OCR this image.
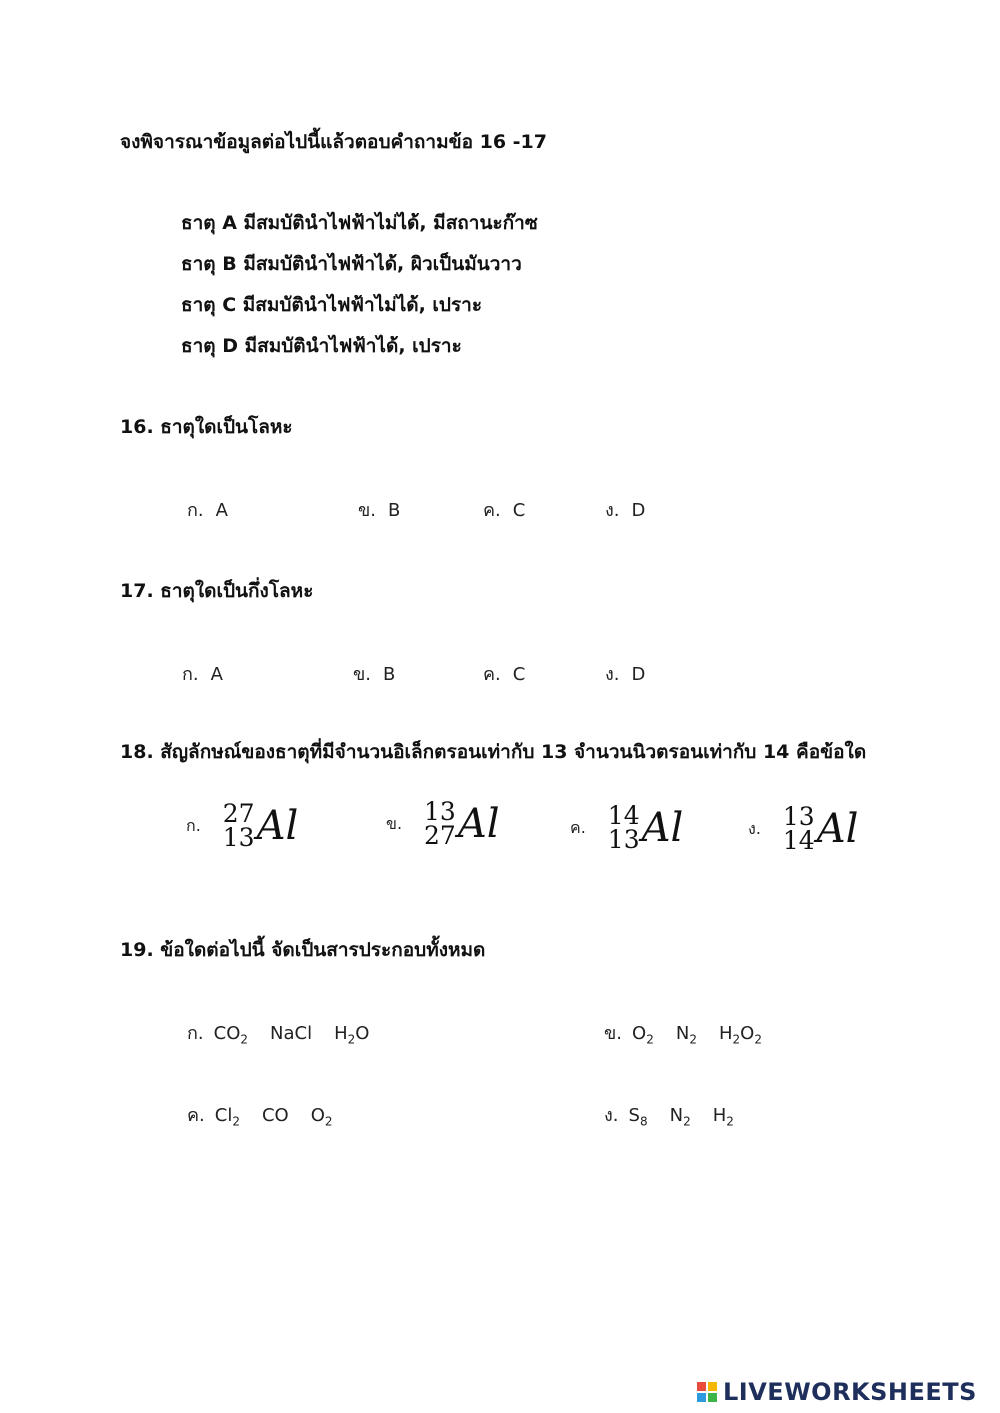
จงพิจารณาข้อมูลต่อไปนี้แล้วตอบคำถามข้อ 16 -17
ธาตุ A มีสมบัตินำไฟฟ้าไม่ได้, มีสถานะก๊าซ
ธาตุ B มีสมบัตินำไฟฟ้าได้, ผิวเป็นมันวาว
ธาตุ C มีสมบัตินำไฟฟ้าไม่ได้, เปราะ
ธาตุ D มีสมบัตินำไฟฟ้าได้, เปราะ
16. ธาตุใดเป็นโลหะ
ก. A	ข. B	ค. C	ง. D
17. ธาตุใดเป็นกึ่งโลหะ
ก. A	ข. B	ค. C	ง. D
18. สัญลักษณ์ของธาตุที่มีจำนวนอิเล็กตรอนเท่ากับ 13 จำนวนนิวตรอนเท่ากับ 14 คือข้อใด
ก. 27
13 Al	ข. 13
27 Al	ค. 14
13 Al	ง. 13
14 Al
19. ข้อใดต่อไปนี้ จัดเป็นสารประกอบทั้งหมด
ก. $CO_2$ NaCl $H_2O$	ข. $O_2$ $N_2$ $H_2O_2$
ค. $Cl_2$ CO $O_2$	ง. $S_8$ $N_2$ $H_2$
LIVEWORKSHEETS
